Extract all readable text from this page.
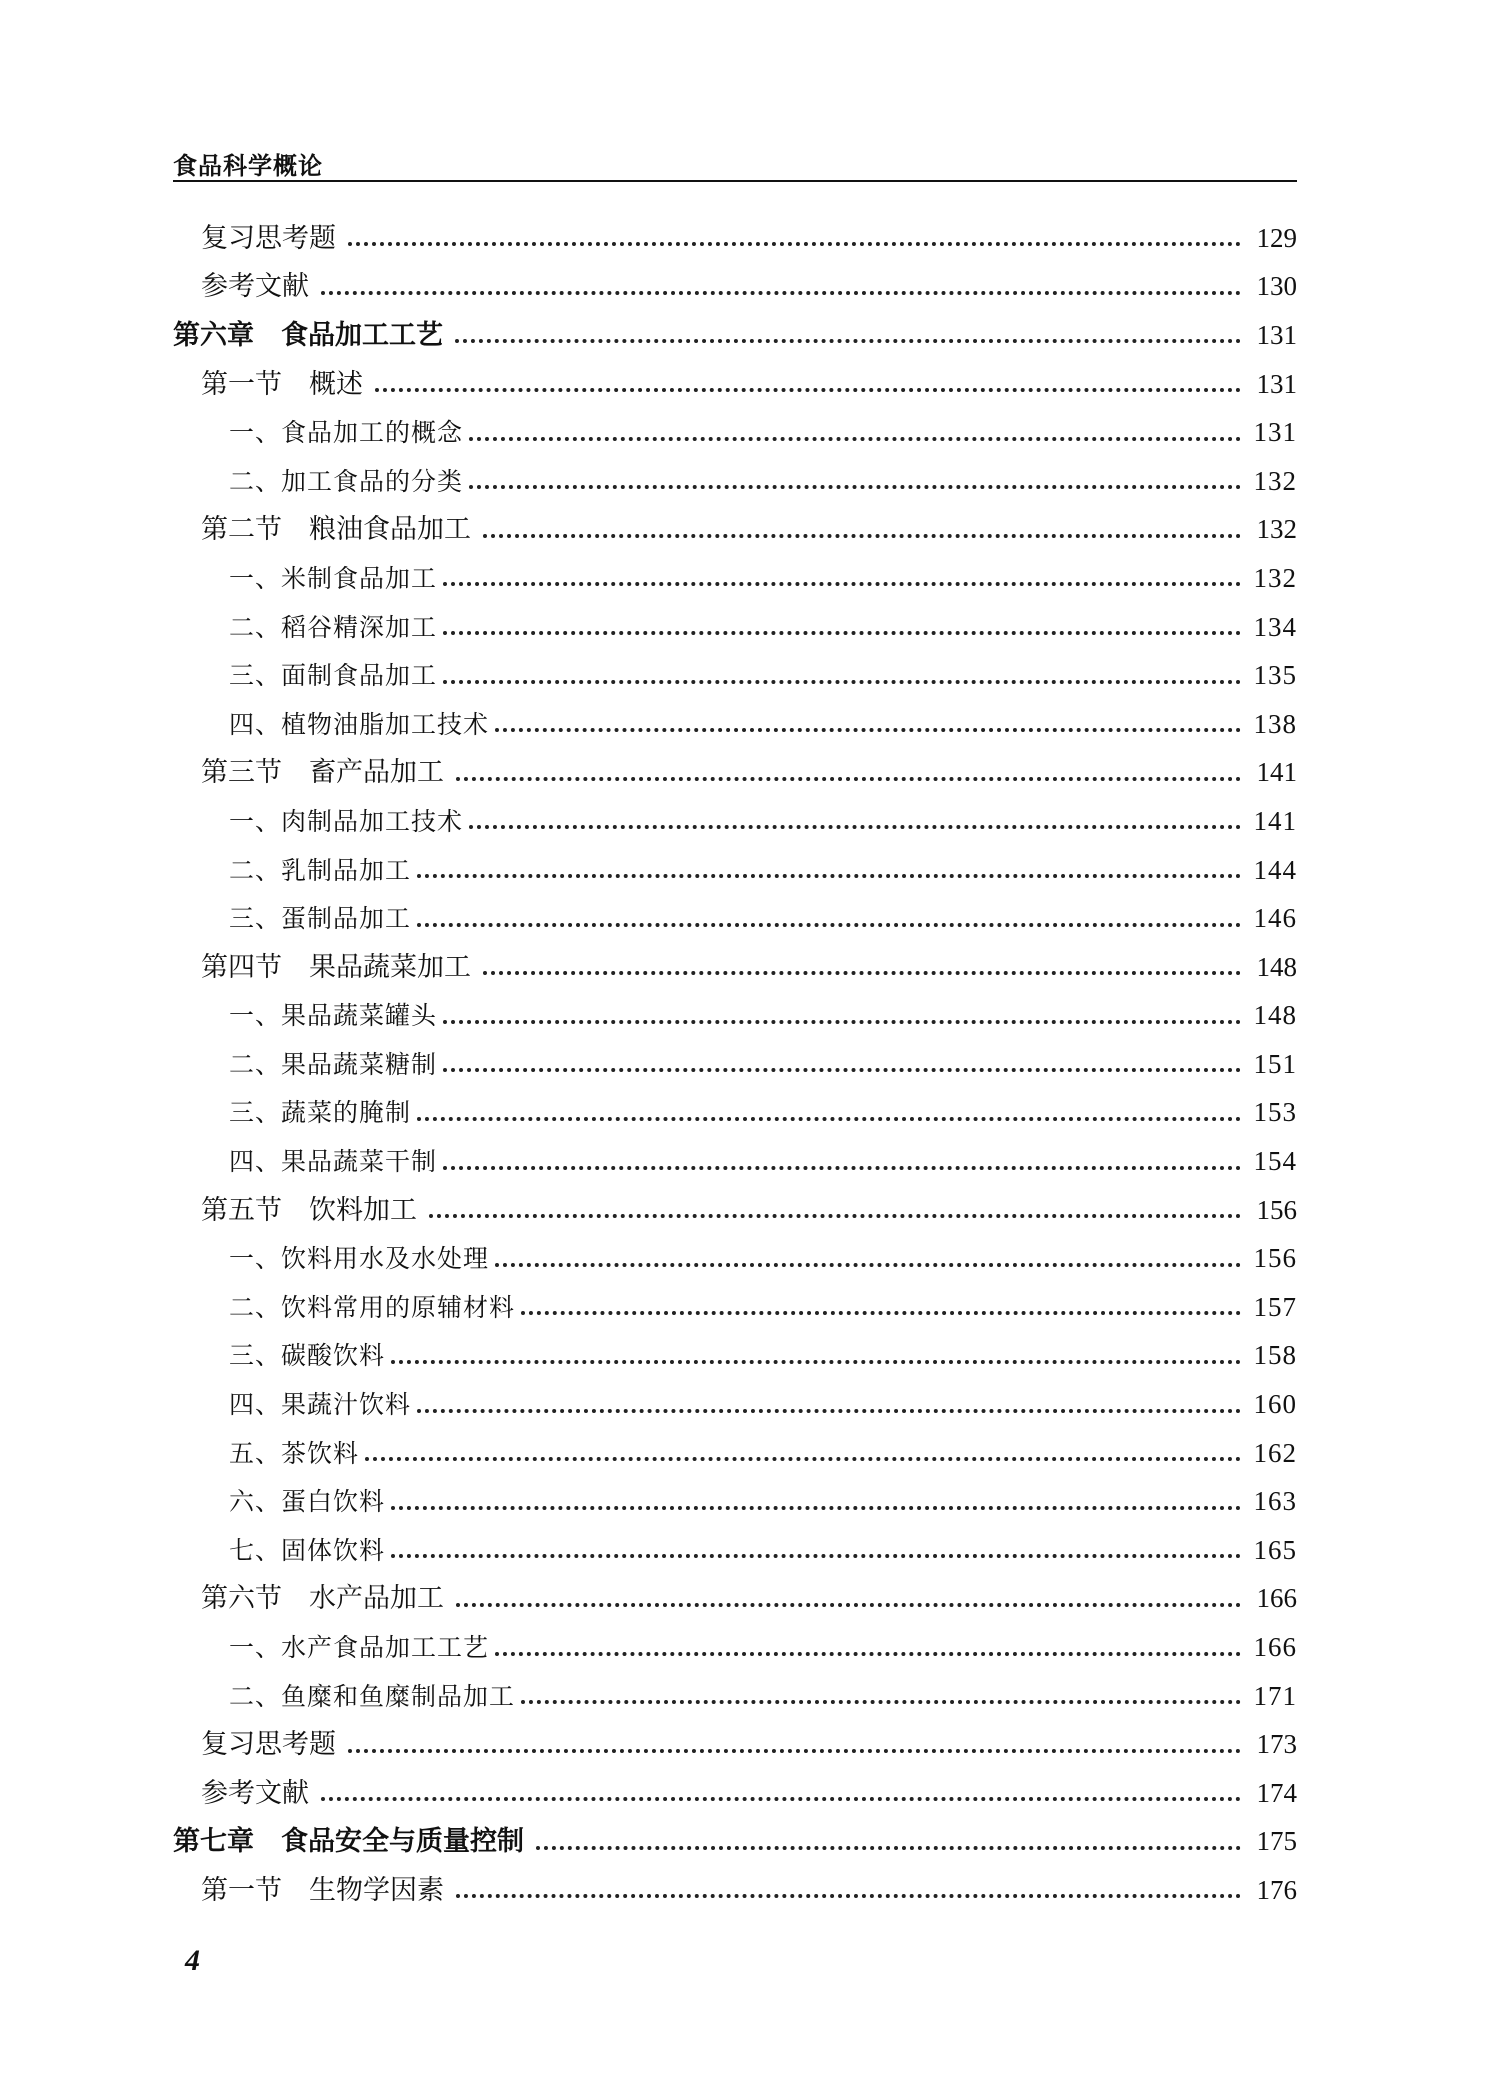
食品科学概论
复习思考题	129
参考文献	130
第六章　食品加工工艺	131
第一节　概述	131
一、食品加工的概念	131
二、加工食品的分类	132
第二节　粮油食品加工	132
一、米制食品加工	132
二、稻谷精深加工	134
三、面制食品加工	135
四、植物油脂加工技术	138
第三节　畜产品加工	141
一、肉制品加工技术	141
二、乳制品加工	144
三、蛋制品加工	146
第四节　果品蔬菜加工	148
一、果品蔬菜罐头	148
二、果品蔬菜糖制	151
三、蔬菜的腌制	153
四、果品蔬菜干制	154
第五节　饮料加工	156
一、饮料用水及水处理	156
二、饮料常用的原辅材料	157
三、碳酸饮料	158
四、果蔬汁饮料	160
五、茶饮料	162
六、蛋白饮料	163
七、固体饮料	165
第六节　水产品加工	166
一、水产食品加工工艺	166
二、鱼糜和鱼糜制品加工	171
复习思考题	173
参考文献	174
第七章　食品安全与质量控制	175
第一节　生物学因素	176
4
